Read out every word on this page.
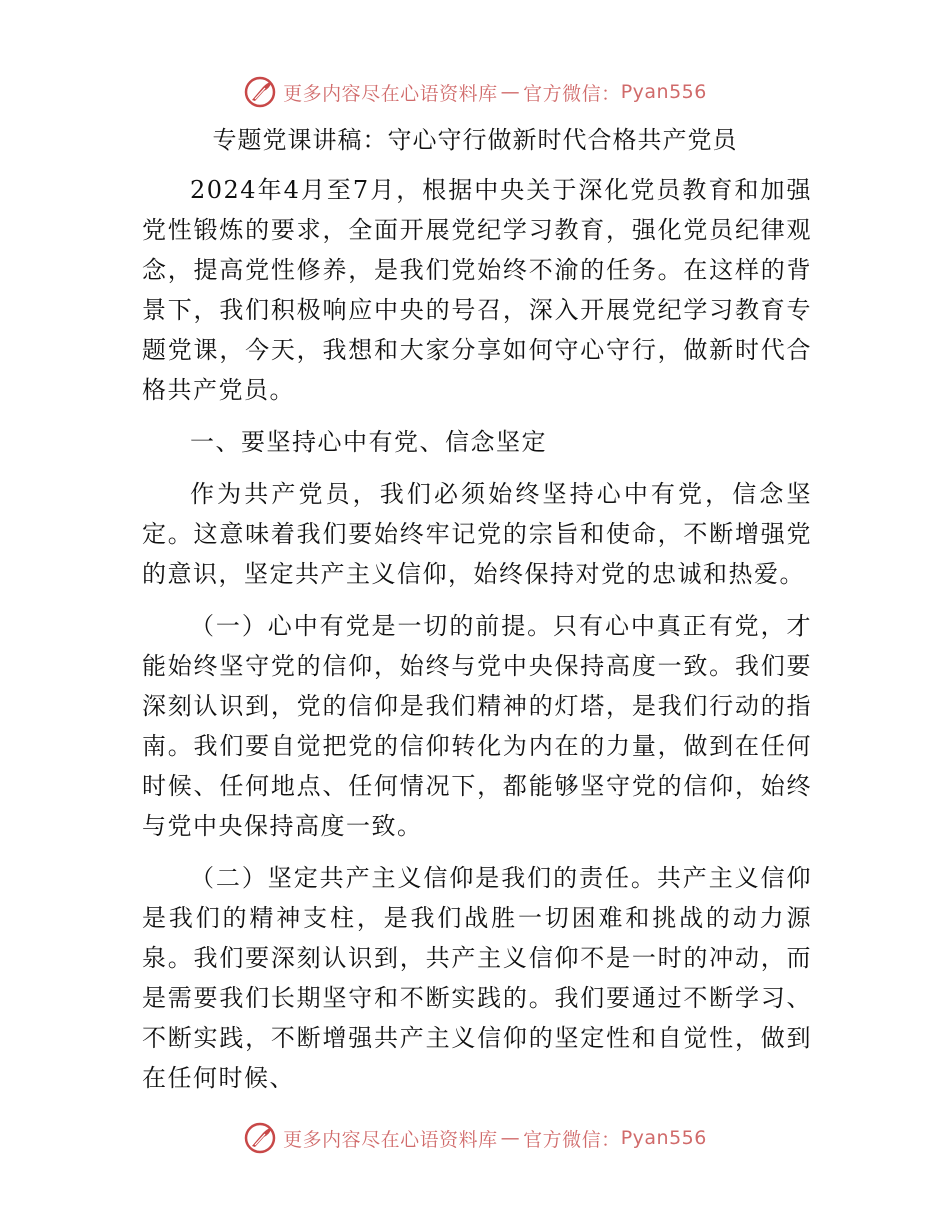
更多内容尽在心语资料库 — 官方微信： Pyan556
专题党课讲稿：守心守行做新时代合格共产党员

2024年4月至7月，根据中央关于深化党员教育和加强党性锻炼的要求，全面开展党纪学习教育，强化党员纪律观念，提高党性修养，是我们党始终不渝的任务。在这样的背景下，我们积极响应中央的号召，深入开展党纪学习教育专题党课，今天，我想和大家分享如何守心守行，做新时代合格共产党员。

一、要坚持心中有党、信念坚定

作为共产党员，我们必须始终坚持心中有党，信念坚定。这意味着我们要始终牢记党的宗旨和使命，不断增强党的意识，坚定共产主义信仰，始终保持对党的忠诚和热爱。

（一）心中有党是一切的前提。只有心中真正有党，才能始终坚守党的信仰，始终与党中央保持高度一致。我们要深刻认识到，党的信仰是我们精神的灯塔，是我们行动的指南。我们要自觉把党的信仰转化为内在的力量，做到在任何时候、任何地点、任何情况下，都能够坚守党的信仰，始终与党中央保持高度一致。

（二）坚定共产主义信仰是我们的责任。共产主义信仰是我们的精神支柱，是我们战胜一切困难和挑战的动力源泉。我们要深刻认识到，共产主义信仰不是一时的冲动，而是需要我们长期坚守和不断实践的。我们要通过不断学习、不断实践，不断增强共产主义信仰的坚定性和自觉性，做到在任何时候、

更多内容尽在心语资料库 — 官方微信： Pyan556
